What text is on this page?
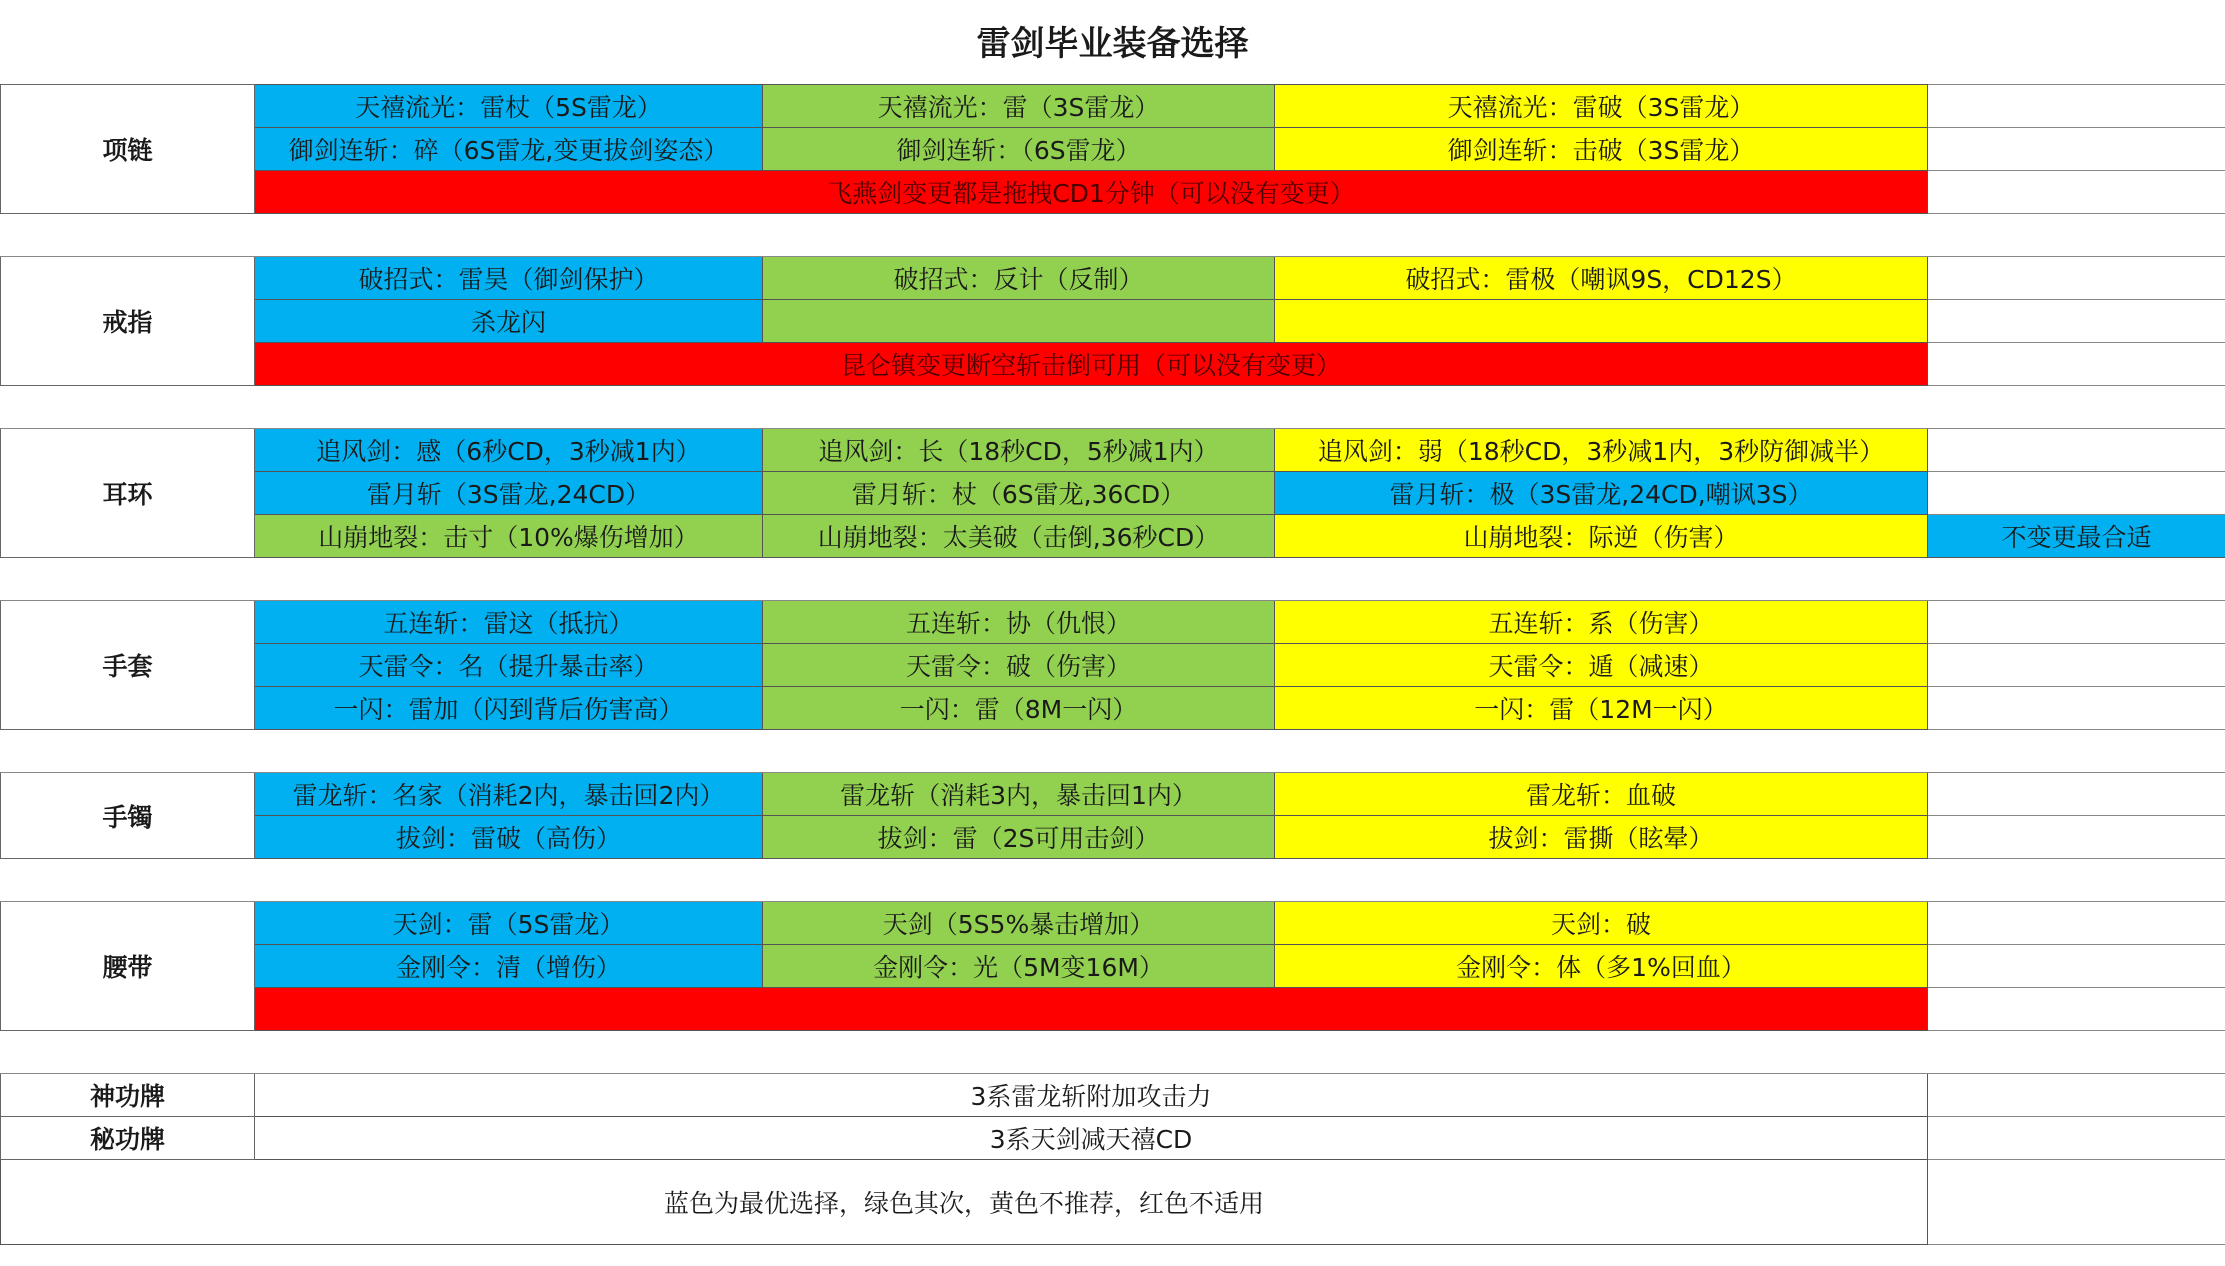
雷剑毕业装备选择
项链	天禧流光：雷杖（5S雷龙）	天禧流光：雷（3S雷龙）	天禧流光：雷破（3S雷龙）	
	御剑连斩：碎（6S雷龙,变更拔剑姿态）	御剑连斩：（6S雷龙）	御剑连斩：击破（3S雷龙）	
	飞燕剑变更都是拖拽CD1分钟（可以没有变更）			

戒指	破招式：雷昊（御剑保护）	破招式：反计（反制）	破招式：雷极（嘲讽9S，CD12S）	
	杀龙闪			
	昆仑镇变更断空斩击倒可用（可以没有变更）			

耳环	追风剑：感（6秒CD，3秒减1内）	追风剑：长（18秒CD，5秒减1内）	追风剑：弱（18秒CD，3秒减1内，3秒防御减半）	
	雷月斩（3S雷龙,24CD）	雷月斩：杖（6S雷龙,36CD）	雷月斩：极（3S雷龙,24CD,嘲讽3S）	
	山崩地裂：击寸（10%爆伤增加）	山崩地裂：太美破（击倒,36秒CD）	山崩地裂：际逆（伤害）	不变更最合适

手套	五连斩：雷这（抵抗）	五连斩：协（仇恨）	五连斩：系（伤害）	
	天雷令：名（提升暴击率）	天雷令：破（伤害）	天雷令：遁（减速）	
	一闪：雷加（闪到背后伤害高）	一闪：雷（8M一闪）	一闪：雷（12M一闪）	

手镯	雷龙斩：名家（消耗2内，暴击回2内）	雷龙斩（消耗3内，暴击回1内）	雷龙斩：血破	
	拔剑：雷破（高伤）	拔剑：雷（2S可用击剑）	拔剑：雷撕（眩晕）	

腰带	天剑：雷（5S雷龙）	天剑（5S5%暴击增加）	天剑：破	
	金刚令：清（增伤）	金刚令：光（5M变16M）	金刚令：体（多1%回血）	

神功牌	3系雷龙斩附加攻击力			
秘功牌	3系天剑减天禧CD			
蓝色为最优选择，绿色其次，黄色不推荐，红色不适用				
